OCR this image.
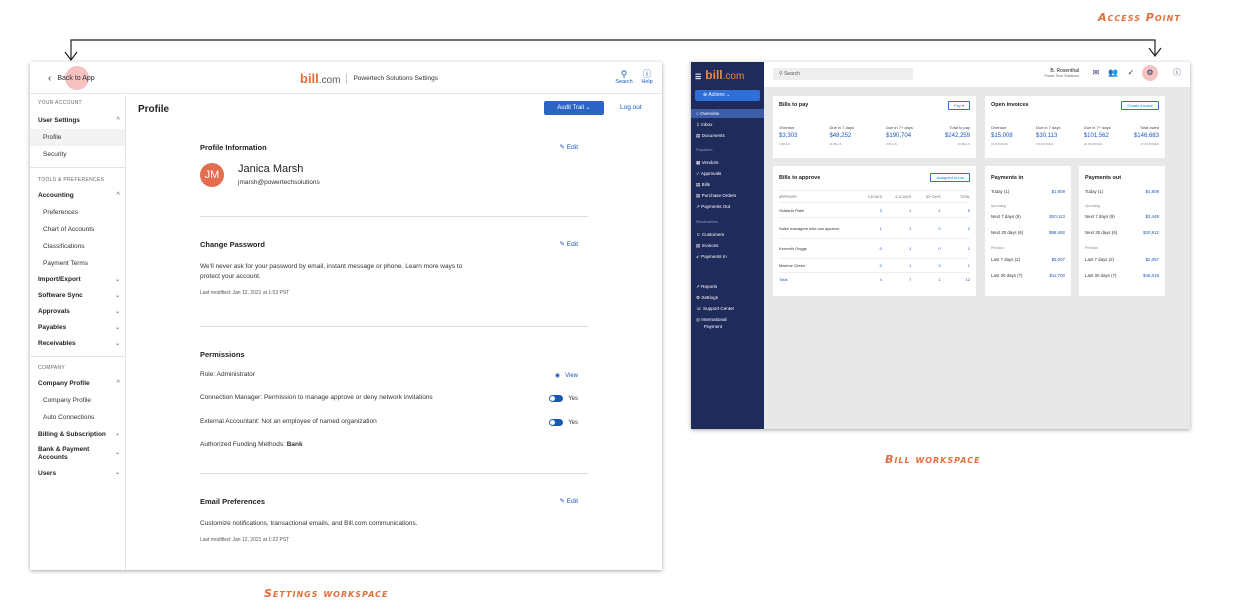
Access Point
Bill workspace
Settings workspace
‹ Back to App	bill.com Powertech Solutions Settings	⚲
Search
ⓘ
Help
YOUR ACCOUNT
User Settings	^
Profile
Security
TOOLS & PREFERENCES
Accounting	^
Preferences
Chart of Accounts
Classifications
Payment Terms
Import/Export	⌄
Software Sync	⌄
Approvals	⌄
Payables	⌄
Receivables	⌄
COMPANY
Company Profile	^
Company Profile
Auto Connections
Billing & Subscription ⌄
Bank & Payment
Accounts
⌄
Users	⌄
Profile	Audit Trail ⌄	Log out
Profile Information	✎ Edit
JM	Janica Marsh
jmarsh@powertechsolutions
Change Password	✎ Edit
We'll never ask for your password by email, instant message or phone. Learn more ways to
protect your account.
Last modified: Jan 12, 2021 at 1:53 PST
Permissions
Role: Administrator	◉ View
Connection Manager: Permission to manage approve or deny network invitations	Yes
External Accountant: Not an employee of named organization	Yes
Authorized Funding Methods: Bank
Email Preferences	✎ Edit
Customize notifications, transactional emails, and Bill.com communications.
Last modified: Jan 12, 2021 at 1:22 PST
⚲ Search	B. Rosenthal
Power Tech Solutions	✉	👥	✓	⚙	ⓘ
☰ bill.com
⊕ Actions ⌄
⌂ Overview
⇩ Inbox
▤ Documents
Payables
▦ Vendors
✓ Approvals
▤ Bills
▤ Purchase Orders
↗ Payments Out
Receivables
☺ Customers
▤ Invoices
↙ Payments In
↗ Reports
⚙ Settings
☏ Support Center
◎ International
Payment
Bills to pay	Pay ▾
Overdue
$3,303
2 BILLS
Due in 7 days
$48,252
11 BILLS
Due in 7+ days
$190,704
3 BILLS
Total to pay
$242,259
19 BILLS
Open invoices	Create invoice
Overdue
$15,008
3 INVOICES
Due in 7 days
$30,113
8 INVOICES
Due in 7+ days
$101,562
22 INVOICES
Total owed
$146,683
47 INVOICES
Bills to approve	Assigned to me
APPROVER	0-5 DAYS	6-10 DAYS	30+ DAYS	TOTAL
Siddarth Patel	3	1	1	5
Sales managers who can approve	1	1	0	2
Kenneth Griggs	0	1	0	1
Maxime Green	0	1	0	1
Total	4	7	1	12
Payments in
Today (1)	$1,809
Upcoming
Next 7 days (9)	$20,113
Next 30 days (6)	$98,492
Previous
Last 7 days (2)	$5,007
Last 30 days (7)	$11,700
Payments out
Today (1)	$1,809
Upcoming
Next 7 days (9)	$3,448
Next 30 days (6)	$20,912
Previous
Last 7 days (2)	$2,057
Last 30 days (7)	$46,019
